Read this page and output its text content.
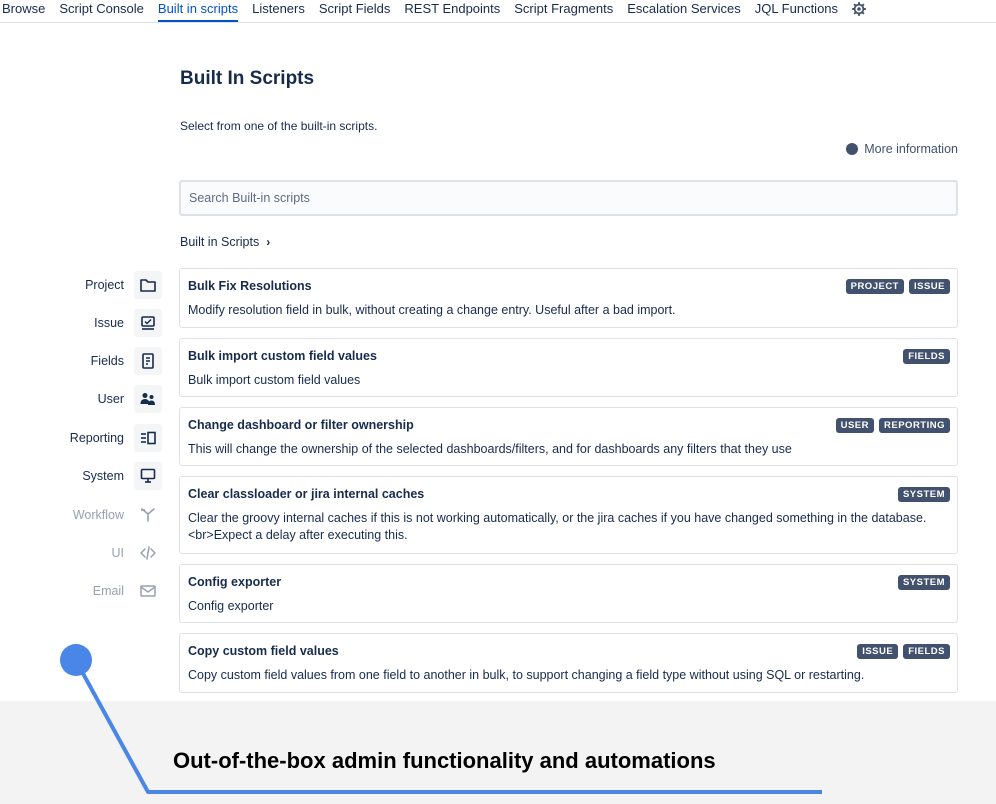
Browse Script Console Built in scripts Listeners Script Fields REST Endpoints Script Fragments Escalation Services JQL Functions
Built In Scripts

Select from one of the built-in scripts.

More information
Search Built-in scripts
Built in Scripts ›
Project
Issue
Fields
User
Reporting
System
Workflow
UI
Email
Bulk Fix Resolutions
Modify resolution field in bulk, without creating a change entry. Useful after a bad import.
PROJECT	ISSUE
Bulk import custom field values
Bulk import custom field values
FIELDS
Change dashboard or filter ownership
This will change the ownership of the selected dashboards/filters, and for dashboards any filters that they use
USER	REPORTING
Clear classloader or jira internal caches
Clear the groovy internal caches if this is not working automatically, or the jira caches if you have changed something in the database.<br>Expect a delay after executing this.
SYSTEM
Config exporter
Config exporter
SYSTEM
Copy custom field values
Copy custom field values from one field to another in bulk, to support changing a field type without using SQL or restarting.
ISSUE	FIELDS
Out-of-the-box admin functionality and automations
